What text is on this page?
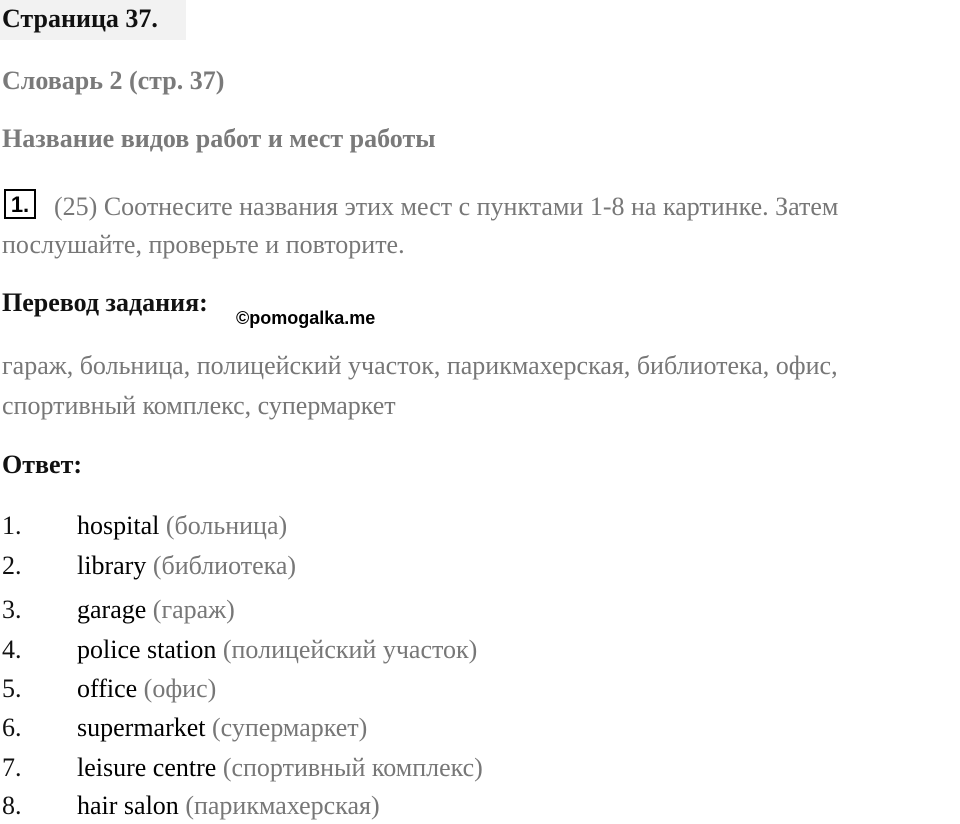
Страница 37.
Словарь 2 (стр. 37)
Название видов работ и мест работы
(25) Соотнесите названия этих мест с пунктами 1-8 на картинке. Затем послушайте, проверьте и повторите.
1.
Перевод задания:
©pomogalka.me
гараж, больница, полицейский участок, парикмахерская, библиотека, офис, спортивный комплекс, супермаркет
Ответ:
1. hospital (больница)
2. library (библиотека)
3. garage (гараж)
4. police station (полицейский участок)
5. office (офис)
6. supermarket (супермаркет)
7. leisure centre (спортивный комплекс)
8. hair salon (парикмахерская)
